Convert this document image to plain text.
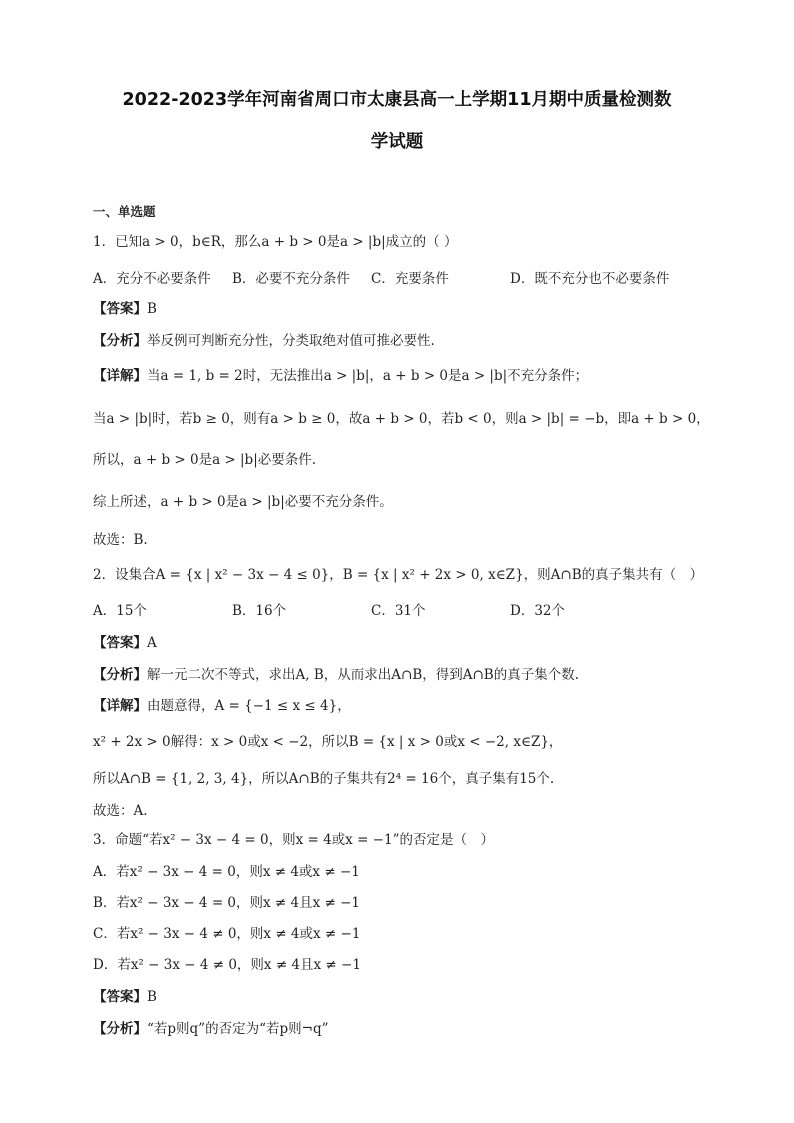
2022-2023学年河南省周口市太康县高一上学期11月期中质量检测数
学试题
一、单选题
1．已知a > 0，b∈R，那么a + b > 0是a > |b|成立的（ ）
A．充分不必要条件 B．必要不充分条件 C．充要条件	D．既不充分也不必要条件
【答案】B
【分析】举反例可判断充分性，分类取绝对值可推必要性.
【详解】当a = 1, b = 2时，无法推出a > |b|，a + b > 0是a > |b|不充分条件；
当a > |b|时，若b ≥ 0，则有a > b ≥ 0，故a + b > 0，若b < 0，则a > |b| = −b，即a + b > 0，
所以，a + b > 0是a > |b|必要条件.
综上所述，a + b > 0是a > |b|必要不充分条件。
故选：B.
2．设集合A = {x | x² − 3x − 4 ≤ 0}，B = {x | x² + 2x > 0, x∈Z}，则A∩B的真子集共有（　）
A．15个	B．16个	C．31个	D．32个
【答案】A
【分析】解一元二次不等式，求出A, B，从而求出A∩B，得到A∩B的真子集个数.
【详解】由题意得，A = {−1 ≤ x ≤ 4}，
x² + 2x > 0解得：x > 0或x < −2，所以B = {x | x > 0或x < −2, x∈Z}，
所以A∩B = {1, 2, 3, 4}，所以A∩B的子集共有2⁴ = 16个，真子集有15个.
故选：A.
3．命题“若x² − 3x − 4 = 0，则x = 4或x = −1”的否定是（　）
A．若x² − 3x − 4 = 0，则x ≠ 4或x ≠ −1
B．若x² − 3x − 4 = 0，则x ≠ 4且x ≠ −1
C．若x² − 3x − 4 ≠ 0，则x ≠ 4或x ≠ −1
D．若x² − 3x − 4 ≠ 0，则x ≠ 4且x ≠ −1
【答案】B
【分析】“若p则q”的否定为“若p则¬q”
